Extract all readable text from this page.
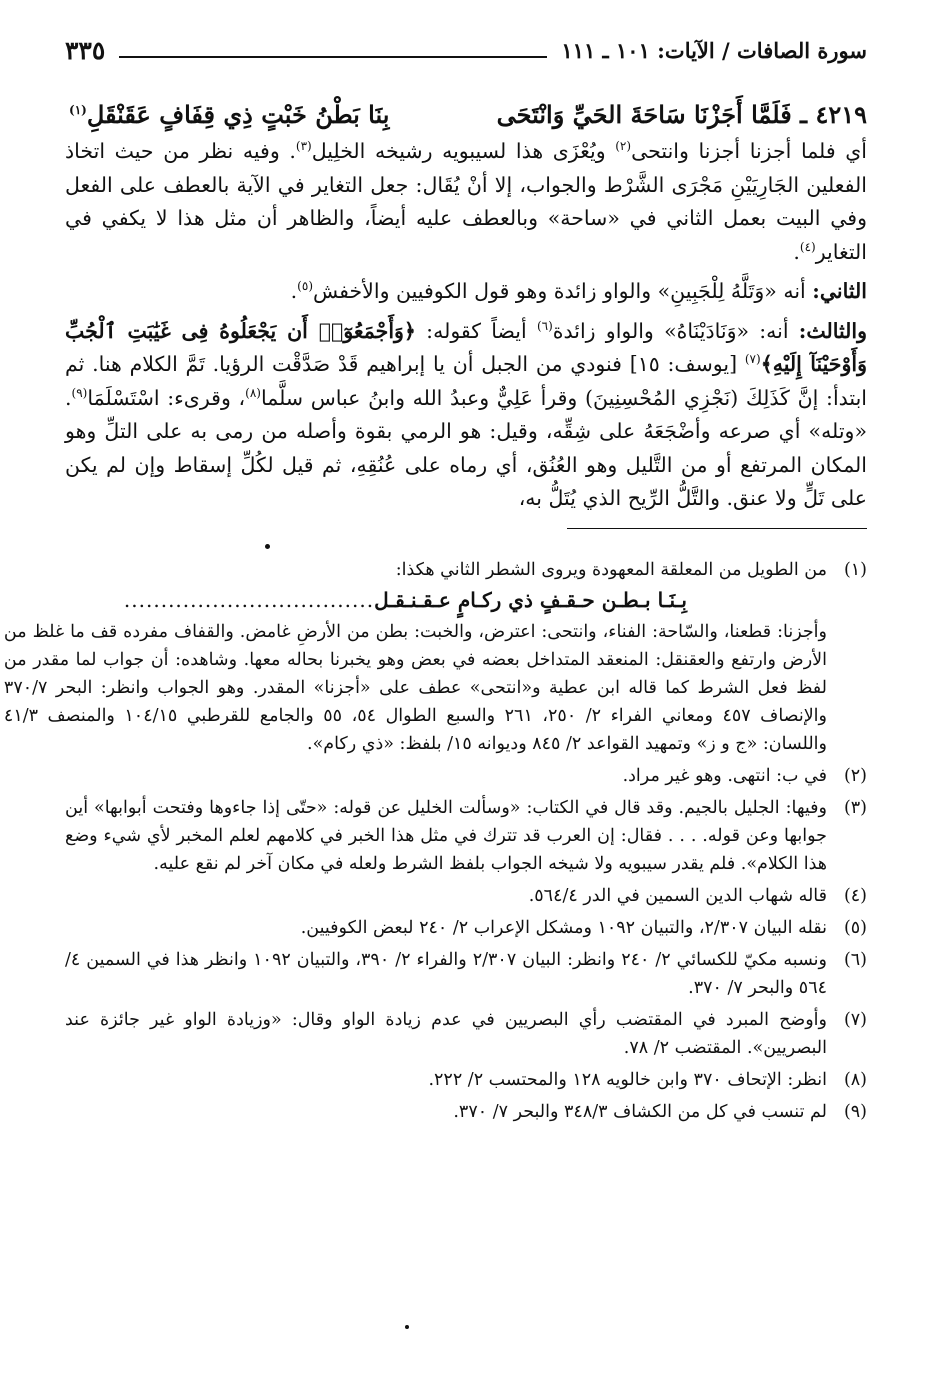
سورة الصافات / الآيات: ١٠١ ـ ١١١
٣٣٥
٤٢١٩ ـ فَلَمَّا أَجَزْنَا سَاحَةَ الحَيِّ وَانْتَحَى
بِنَا بَطْنُ خَبْتٍ ذِي قِفَافٍ عَقَنْقَلِ$^{(١)}$

أي فلما أجزنا أجزنا وانتحى$^{(٢)}$ ويُعْزَى هذا لسيبويه رشيخه الخلِيل$^{(٣)}$. وفيه نظر من حيث اتخاذ الفعلين الجَارِيَيْنِ مَجْرَى الشَّرْط والجواب، إلا أنْ يُقَال: جعل التغاير في الآية بالعطف على الفعل وفي البيت بعمل الثاني في «ساحة» وبالعطف عليه أيضاً، والظاهر أن مثل هذا لا يكفي في التغاير$^{(٤)}$.

الثاني: أنه «وَتَلَّهُ لِلْجَبِينِ» والواو زائدة وهو قول الكوفيين والأخفش$^{(٥)}$.

والثالث: أنه: «وَنَادَيْنَاهُ» والواو زائدة$^{(٦)}$ أيضاً كقوله: ﴿وَأَجْمَعُوٓا۟ أَن يَجْعَلُوهُ فِى غَيَٰبَتِ ٱلْجُبِّ وَأَوْحَيْنَآ إِلَيْهِ﴾$^{(٧)}$ [يوسف: ١٥] فنودي من الجبل أن يا إبراهيم قَدْ صَدَّقْت الرؤيا. تَمَّ الكلام هنا. ثم ابتدأ: إنَّ كَذَلِكَ (نَجْزِي المُحْسِنِينَ) وقرأ عَلِيٌّ وعبدُ الله وابنُ عباس سلَّما$^{(٨)}$، وقرىء: اسْتَسْلَمَا$^{(٩)}$. «وتله» أي صرعه وأضْجَعَهُ على شِقِّه، وقيل: هو الرمي بقوة وأصله من رمى به على التلِّ وهو المكان المرتفع أو من التَّليل وهو العُنُق، أي رماه على عُنُقِهِ، ثم قيل لكُلِّ إسقاط وإن لم يكن على تَلٍّ ولا عنق. والتَّلُّ الرِّيح الذي يُتَلُّ به،

(١)

من الطويل من المعلقة المعهودة ويروى الشطر الثاني هكذا:

بِـنَـا بـطـن حـقـفٍ ذي ركـامٍ عـقـنـقـل
..................................

وأجزنا: قطعنا، والسّاحة: الفناء، وانتحى: اعترض، والخبت: بطن من الأرضِ غامض. والقفاف مفرده قف ما غلظ من الأرض وارتفع والعقنقل: المنعقد المتداخل بعضه في بعض وهو يخبرنا بحاله معها. وشاهده: أن جواب لما مقدر من لفظ فعل الشرط كما قاله ابن عطية و«انتحى» عطف على «أجزنا» المقدر. وهو الجواب وانظر: البحر ٣٧٠/٧ والإنصاف ٤٥٧ ومعاني الفراء ٢/ ٢٥٠، ٢٦١ والسبع الطوال ٥٤، ٥٥ والجامع للقرطبي ١٠٤/١٥ والمنصف ٤١/٣ واللسان: «ج و ز» وتمهيد القواعد ٢/ ٨٤٥ وديوانه ١٥/ بلفظ: «ذي ركام».

(٢)

في ب: انتهى. وهو غير مراد.

(٣)

وفيها: الجليل بالجيم. وقد قال في الكتاب: «وسألت الخليل عن قوله: «حتّى إذا جاءوها وفتحت أبوابها» أين جوابها وعن قوله. . . . فقال: إن العرب قد تترك في مثل هذا الخبر في كلامهم لعلم المخبر لأي شيء وضع هذا الكلام». فلم يقدر سيبويه ولا شيخه الجواب بلفظ الشرط ولعله في مكان آخر لم نقع عليه.

(٤)

قاله شهاب الدين السمين في الدر ٥٦٤/٤.

(٥)

نقله البيان ٢/٣٠٧، والتبيان ١٠٩٢ ومشكل الإعراب ٢/ ٢٤٠ لبعض الكوفيين.

(٦)

ونسبه مكيّ للكسائي ٢/ ٢٤٠ وانظر: البيان ٢/٣٠٧ والفراء ٢/ ٣٩٠، والتبيان ١٠٩٢ وانظر هذا في السمين ٤/ ٥٦٤ والبحر ٧/ ٣٧٠.

(٧)

وأوضح المبرد في المقتضب رأي البصريين في عدم زيادة الواو وقال: «وزيادة الواو غير جائزة عند البصريين». المقتضب ٢/ ٧٨.

(٨)

انظر: الإتحاف ٣٧٠ وابن خالويه ١٢٨ والمحتسب ٢/ ٢٢٢.

(٩)

لم تنسب في كل من الكشاف ٣٤٨/٣ والبحر ٧/ ٣٧٠.
